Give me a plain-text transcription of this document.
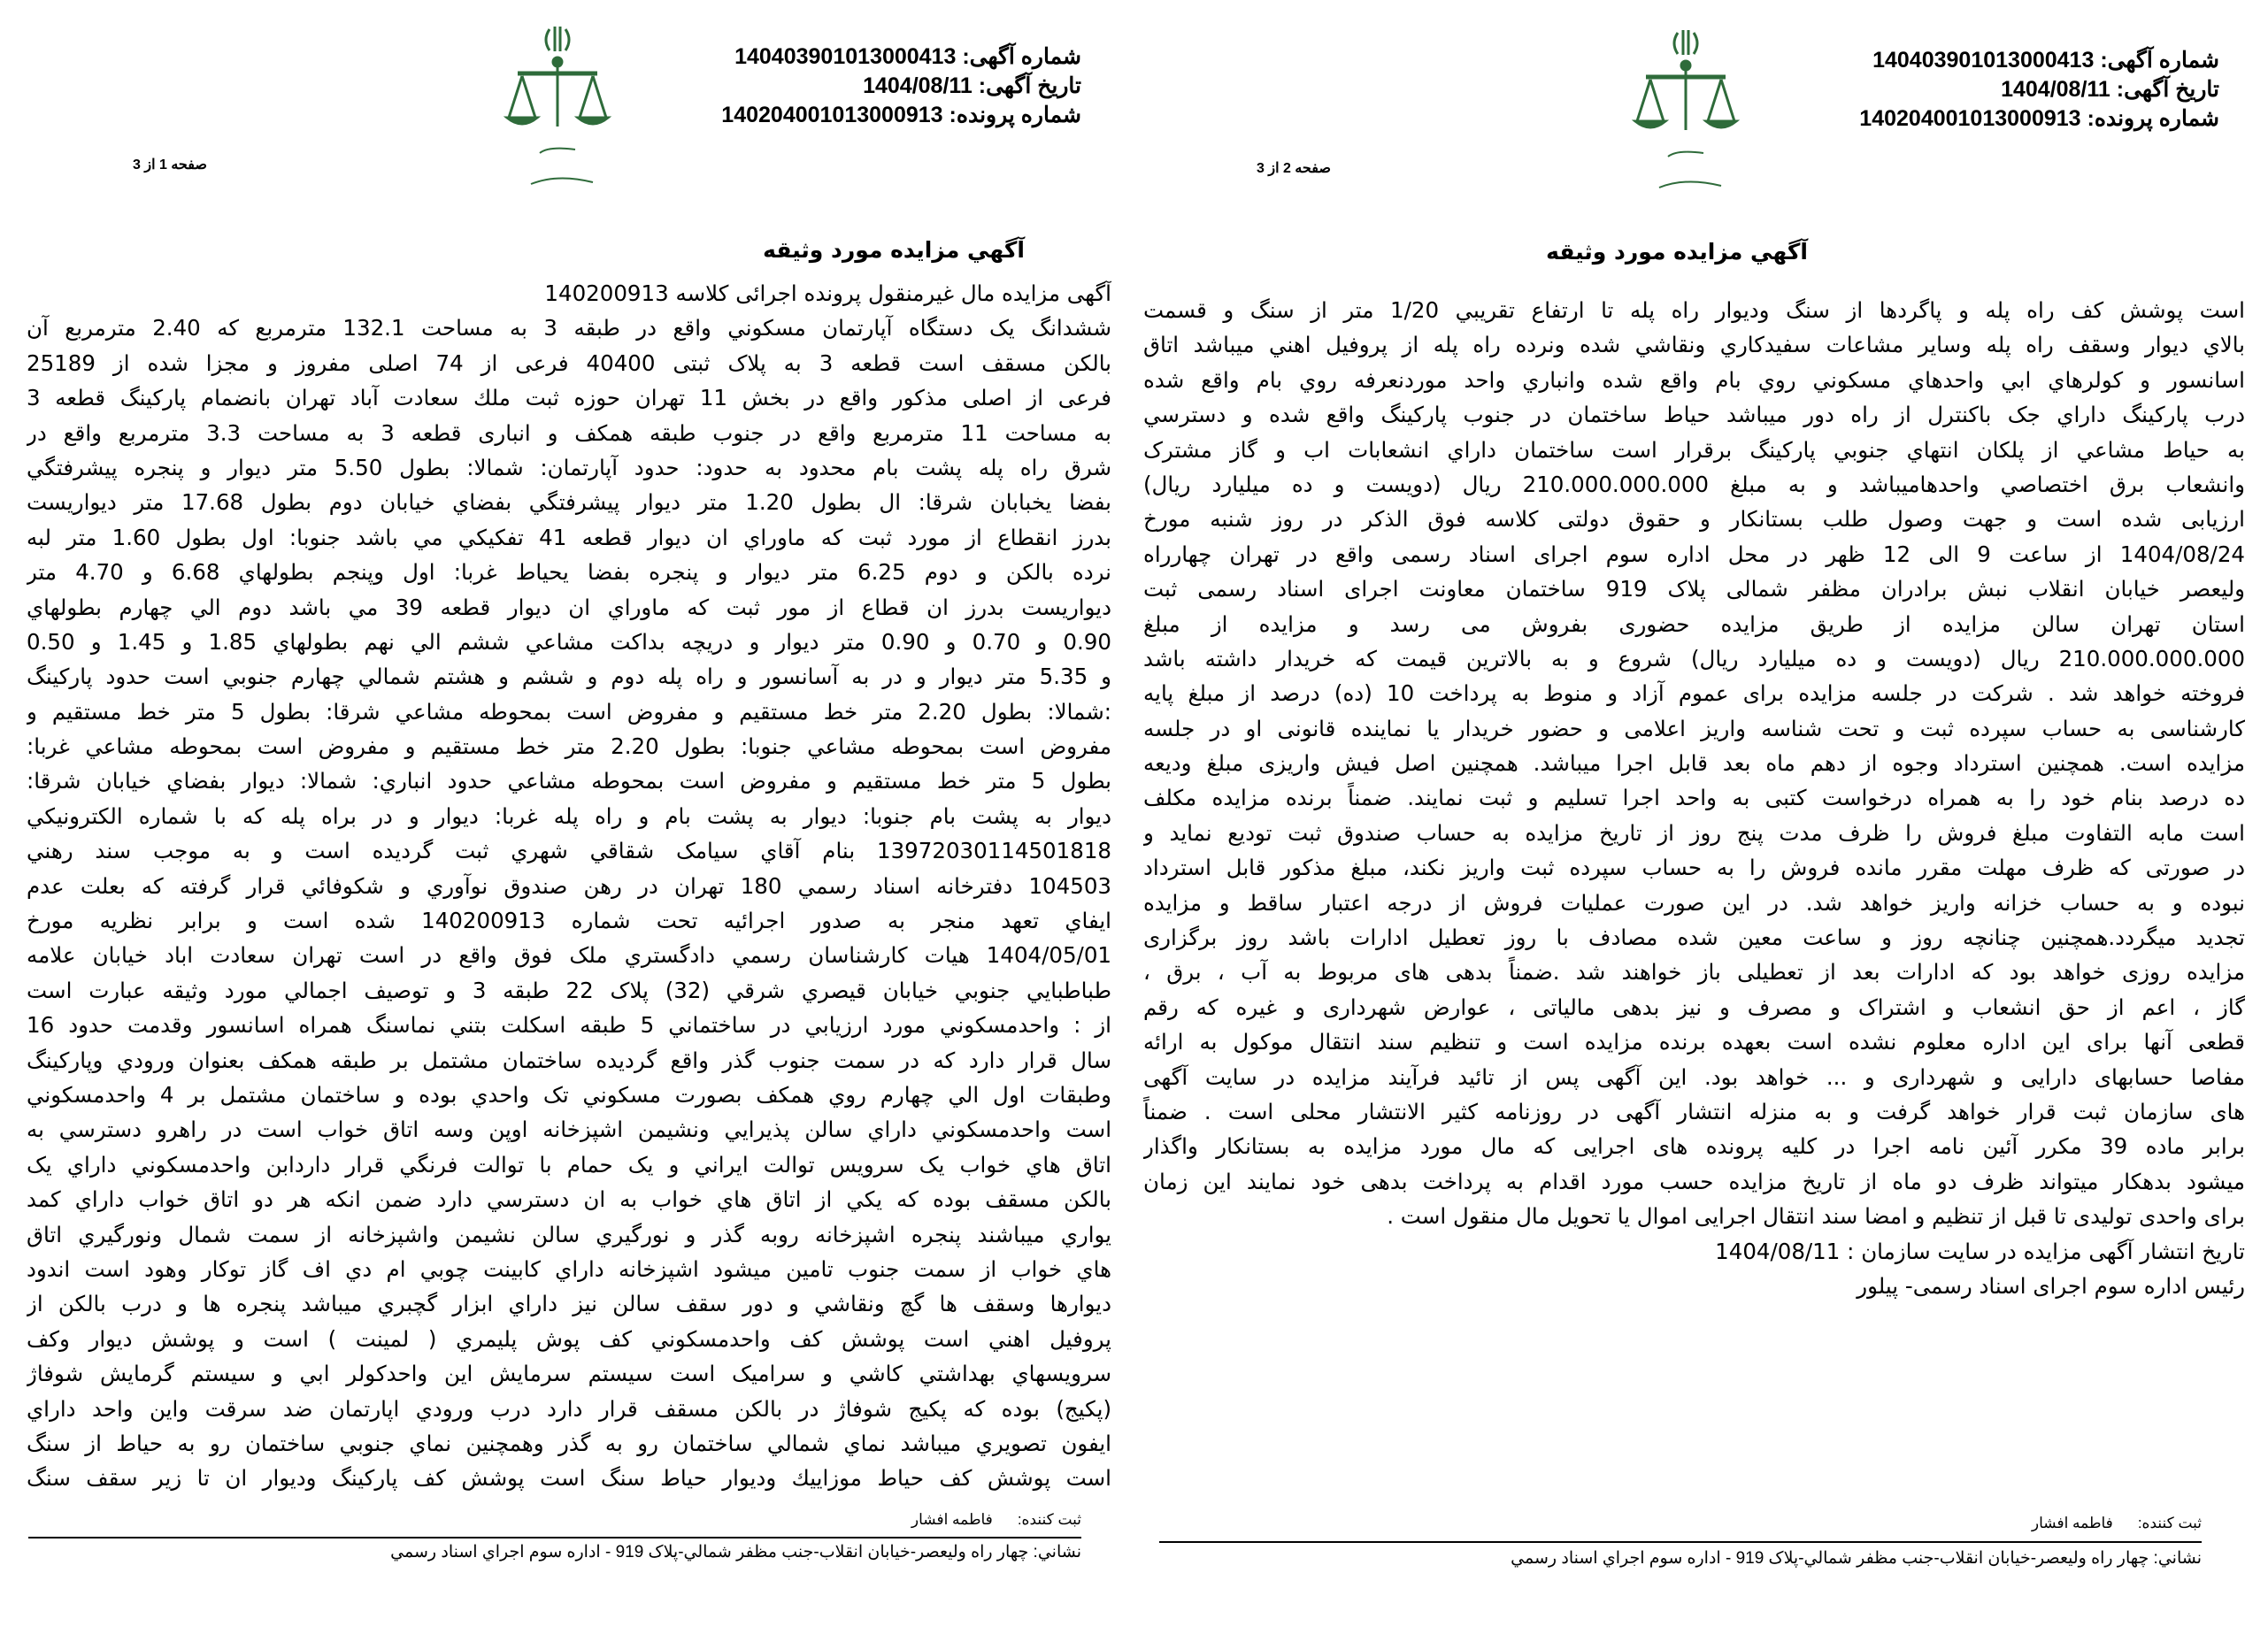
شماره آگهی: 140403901013000413
تاريخ آگهی: 1404/08/11
شماره پرونده: 140204001013000913
صفحه 2 از 3
آگهي مزايده مورد وثيقه
است پوشش کف راه پله و پاگردها از سنگ وديوار راه پله تا ارتفاع تقريبي 1/20 متر از سنگ و قسمت
بالاي ديوار وسقف راه پله وساير مشاعات سفيدکاري ونقاشي شده ونرده راه پله از پروفيل اهني ميباشد اتاق
اسانسور و کولرهاي ابي واحدهاي مسکوني روي بام واقع شده وانباري واحد موردنعرفه روي بام واقع شده
درب پارکينگ داراي جک باکنترل از راه دور ميباشد حياط ساختمان در جنوب پارکينگ واقع شده و دسترسي
به حياط مشاعي از پلکان انتهاي جنوبي پارکينگ برقرار است ساختمان داراي انشعابات اب و گاز مشترک
وانشعاب برق اختصاصي واحدهاميباشد و به مبلغ 210.000.000.000 ريال (دويست و ده ميليارد ريال)
ارزيابی شده است و جهت وصول طلب بستانکار و حقوق دولتی کلاسه فوق الذکر در روز شنبه مورخ
1404/08/24 از ساعت 9 الی 12 ظهر در محل اداره سوم اجرای اسناد رسمی واقع در تهران چهارراه
وليعصر خيابان انقلاب نبش برادران مظفر شمالی پلاک 919 ساختمان معاونت اجرای اسناد رسمی ثبت
استان تهران سالن مزايده از طريق مزايده حضوری بفروش می رسد و مزايده از مبلغ
210.000.000.000 ريال (دويست و ده ميليارد ريال) شروع و به بالاترين قيمت که خريدار داشته باشد
فروخته خواهد شد . شرکت در جلسه مزايده برای عموم آزاد و منوط به پرداخت 10 (ده) درصد از مبلغ پايه
کارشناسی به حساب سپرده ثبت و تحت شناسه واريز اعلامی و حضور خريدار يا نماينده قانونی او در جلسه
مزايده است. همچنين استرداد وجوه از دهم ماه بعد قابل اجرا ميباشد. همچنين اصل فيش واريزی مبلغ وديعه
ده درصد بنام خود را به همراه درخواست کتبی به واحد اجرا تسليم و ثبت نمايند. ضمناً برنده مزايده مکلف
است مابه التفاوت مبلغ فروش را ظرف مدت پنج روز از تاريخ مزايده به حساب صندوق ثبت توديع نمايد و
در صورتی که ظرف مهلت مقرر مانده فروش را به حساب سپرده ثبت واريز نکند، مبلغ مذکور قابل استرداد
نبوده و به حساب خزانه واريز خواهد شد. در اين صورت عمليات فروش از درجه اعتبار ساقط و مزايده
تجديد ميگردد.همچنين چنانچه روز و ساعت معين شده مصادف با روز تعطيل ادارات باشد روز برگزاری
مزايده روزی خواهد بود که ادارات بعد از تعطيلی باز خواهند شد .ضمناً بدهی های مربوط به آب ، برق ،
گاز ، اعم از حق انشعاب و اشتراک و مصرف و نيز بدهی مالياتی ، عوارض شهرداری و غيره که رقم
قطعی آنها برای اين اداره معلوم نشده است بعهده برنده مزايده است و تنظيم سند انتقال موکول به ارائه
مفاصا حسابهای دارايی و شهرداری و ... خواهد بود. اين آگهی پس از تائيد فرآيند مزايده در سايت آگهی
های سازمان ثبت قرار خواهد گرفت و به منزله انتشار آگهی در روزنامه کثير الانتشار محلی است . ضمناً
برابر ماده 39 مکرر آئين نامه اجرا در کليه پرونده های اجرايی که مال مورد مزايده به بستانکار واگذار
ميشود بدهکار ميتواند ظرف دو ماه از تاريخ مزايده حسب مورد اقدام به پرداخت بدهی خود نمايند اين زمان
برای واحدی توليدی تا قبل از تنظيم و امضا سند انتقال اجرايی اموال يا تحويل مال منقول است .
تاريخ انتشار آگهی مزايده در سايت سازمان : 1404/08/11
رئيس اداره سوم اجرای اسناد رسمی- پيلور
ثبت کننده:فاطمه افشار
نشاني: چهار راه وليعصر-خيابان انقلاب-جنب مظفر شمالي-پلاک 919 - اداره سوم اجراي اسناد رسمي
شماره آگهی: 140403901013000413
تاريخ آگهی: 1404/08/11
شماره پرونده: 140204001013000913
صفحه 1 از 3
آگهي مزايده مورد وثيقه
آگهی مزايده مال غيرمنقول پرونده اجرائی کلاسه 140200913
ششدانگ يک دستگاه آپارتمان مسکوني واقع در طبقه 3 به مساحت 132.1 مترمربع که 2.40 مترمربع آن
بالکن مسقف است قطعه 3 به پلاک ثبتی 40400 فرعی از 74 اصلی مفروز و مجزا شده از 25189
فرعی از اصلی مذکور واقع در بخش 11 تهران حوزه ثبت ملك سعادت آباد تهران بانضمام پارکينگ قطعه 3
به مساحت 11 مترمربع واقع در جنوب طبقه همکف و انباری قطعه 3 به مساحت 3.3 مترمربع واقع در
شرق راه پله پشت بام محدود به حدود: حدود آپارتمان: شمالا: بطول 5.50 متر ديوار و پنجره پيشرفتگي
بفضا يخبابان شرقا: ال بطول 1.20 متر ديوار پيشرفتگي بفضاي خيابان دوم بطول 17.68 متر ديواريست
بدرز انقطاع از مورد ثبت كه ماوراي ان ديوار قطعه 41 تفكيكي مي باشد جنوبا: اول بطول 1.60 متر لبه
نرده بالكن و دوم 6.25 متر ديوار و پنجره بفضا يحياط غربا: اول وپنجم بطولهاي 6.68 و 4.70 متر
ديواريست بدرز ان قطاع از مور ثبت كه ماوراي ان ديوار قطعه 39 مي باشد دوم الي چهارم بطولهاي
0.90 و 0.70 و 0.90 متر ديوار و دريچه بداكت مشاعي ششم الي نهم بطولهاي 1.85 و 1.45 و 0.50
و 5.35 متر ديوار و در به آسانسور و راه پله دوم و ششم و هشتم شمالي چهارم جنوبي است حدود پاركينگ
:شمالا: بطول 2.20 متر خط مستقيم و مفروض است بمحوطه مشاعي شرقا: بطول 5 متر خط مستقيم و
مفروض است بمحوطه مشاعي جنوبا: بطول 2.20 متر خط مستقيم و مفروض است بمحوطه مشاعي غربا:
بطول 5 متر خط مستقيم و مفروض است بمحوطه مشاعي حدود انباري: شمالا: ديوار بفضاي خيابان شرقا:
ديوار به پشت بام جنوبا: ديوار به پشت بام و راه پله غربا: ديوار و در براه پله كه با شماره الكترونيكي
13972030114501818 بنام آقاي سيامک شقاقي شهري ثبت گرديده است و به موجب سند رهني
104503 دفترخانه اسناد رسمي 180 تهران در رهن صندوق نوآوري و شكوفائي قرار گرفته كه بعلت عدم
ايفاي تعهد منجر به صدور اجرائيه تحت شماره 140200913 شده است و برابر نظريه مورخ
1404/05/01 هيات كارشناسان رسمي دادگستري ملک فوق واقع در است تهران سعادت اباد خيابان علامه
طباطبايي جنوبي خيابان قيصري شرقي (32) پلاک 22 طبقه 3 و توصيف اجمالي مورد وثيقه عبارت است
از : واحدمسكوني مورد ارزيابي در ساختماني 5 طبقه اسكلت بتني نماسنگ همراه اسانسور وقدمت حدود 16
سال قرار دارد كه در سمت جنوب گذر واقع گرديده ساختمان مشتمل بر طبقه همكف بعنوان ورودي وپاركينگ
وطبقات اول الي چهارم روي همكف بصورت مسكوني تک واحدي بوده و ساختمان مشتمل بر 4 واحدمسكوني
است واحدمسكوني داراي سالن پذيرايي ونشيمن اشپزخانه اوپن وسه اتاق خواب است در راهرو دسترسي به
اتاق هاي خواب يک سرويس توالت ايراني و يک حمام با توالت فرنگي قرار داردابن واحدمسكوني داراي يک
بالکن مسقف بوده كه يكي از اتاق هاي خواب به ان دسترسي دارد ضمن انكه هر دو اتاق خواب داراي كمد
يواري ميباشند پنجره اشپزخانه روبه گذر و نورگيري سالن نشيمن واشپزخانه از سمت شمال ونورگيري اتاق
هاي خواب از سمت جنوب تامين ميشود اشپزخانه داراي كابينت چوبي ام دي اف گاز توكار وهود است اندود
ديوارها وسقف ها گچ ونقاشي و دور سقف سالن نيز داراي ابزار گچبري ميباشد پنجره ها و درب بالكن از
پروفيل اهني است پوشش كف واحدمسكوني كف پوش پليمري ( لمينت ) است و پوشش ديوار وكف
سرويسهاي بهداشتي كاشي و سراميک است سيستم سرمايش اين واحدكولر ابي و سيستم گرمايش شوفاژ
(پكيج) بوده كه پكيج شوفاژ در بالكن مسقف قرار دارد درب ورودي اپارتمان ضد سرقت واين واحد داراي
ايفون تصويري ميباشد نماي شمالي ساختمان رو به گذر وهمچنين نماي جنوبي ساختمان رو به حياط از سنگ
است پوشش كف حياط موزاييك وديوار حياط سنگ است پوشش كف پاركينگ وديوار ان تا زير سقف سنگ
ثبت کننده:فاطمه افشار
نشاني: چهار راه وليعصر-خيابان انقلاب-جنب مظفر شمالي-پلاک 919 - اداره سوم اجراي اسناد رسمي
